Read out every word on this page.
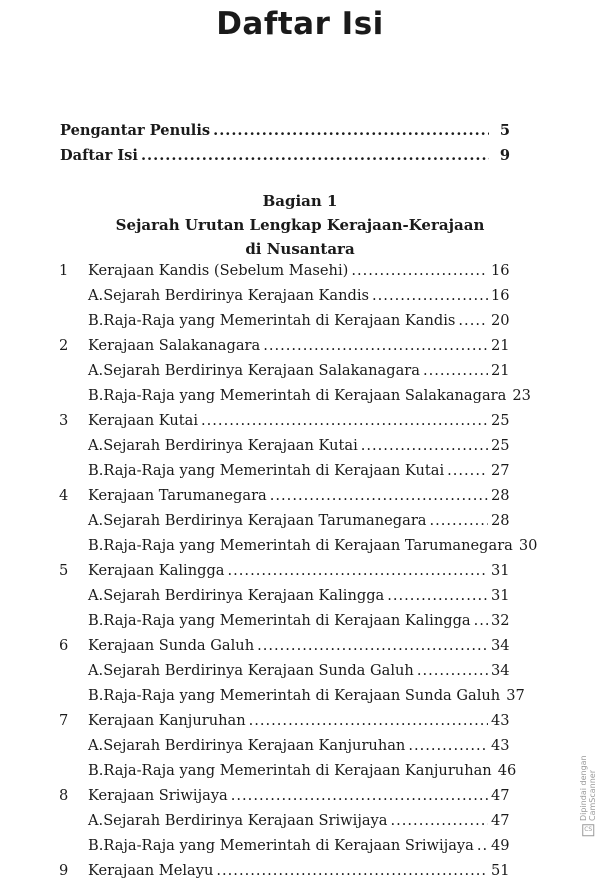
Daftar Isi
Pengantar Penulis .....	5
Daftar Isi .....	9

Bagian 1

Sejarah Urutan Lengkap Kerajaan-Kerajaan

di Nusantara

1 Kerajaan Kandis (Sebelum Masehi) .....	16
A. Sejarah Berdirinya Kerajaan Kandis .....	16
B. Raja-Raja yang Memerintah di Kerajaan Kandis ..... 20
2 Kerajaan Salakanagara .....	21
A. Sejarah Berdirinya Kerajaan Salakanagara .....	21
B. Raja-Raja yang Memerintah di Kerajaan Salakanagara 23
3 Kerajaan Kutai .....	25
A. Sejarah Berdirinya Kerajaan Kutai .....	25
B. Raja-Raja yang Memerintah di Kerajaan Kutai .....	27
4 Kerajaan Tarumanegara .....	28
A. Sejarah Berdirinya Kerajaan Tarumanegara .....	28
B. Raja-Raja yang Memerintah di Kerajaan Tarumanegara 30
5 Kerajaan Kalingga .....	31
A. Sejarah Berdirinya Kerajaan Kalingga .....	31
B. Raja-Raja yang Memerintah di Kerajaan Kalingga ..... 32
6 Kerajaan Sunda Galuh .....	34
A. Sejarah Berdirinya Kerajaan Sunda Galuh .....	34
B. Raja-Raja yang Memerintah di Kerajaan Sunda Galuh 37
7 Kerajaan Kanjuruhan .....	43
A. Sejarah Berdirinya Kerajaan Kanjuruhan .....	43
B. Raja-Raja yang Memerintah di Kerajaan Kanjuruhan 46
8 Kerajaan Sriwijaya .....	47
A. Sejarah Berdirinya Kerajaan Sriwijaya .....	47
B. Raja-Raja yang Memerintah di Kerajaan Sriwijaya ..... 49
9 Kerajaan Melayu .....	51
CS
Dipindai dengan CamScanner
